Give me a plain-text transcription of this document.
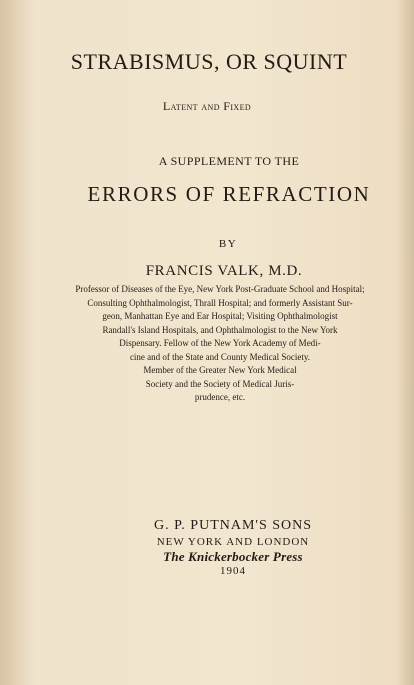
STRABISMUS, OR SQUINT
Latent and Fixed
A SUPPLEMENT TO THE
ERRORS OF REFRACTION
BY
FRANCIS VALK, M.D.
Professor of Diseases of the Eye, New York Post-Graduate School and Hospital;
Consulting Ophthalmologist, Thrall Hospital; and formerly Assistant Sur-
geon, Manhattan Eye and Ear Hospital; Visiting Ophthalmologist
Randall's Island Hospitals, and Ophthalmologist to the New York
Dispensary. Fellow of the New York Academy of Medi-
cine and of the State and County Medical Society.
Member of the Greater New York Medical
Society and the Society of Medical Juris-
prudence, etc.
G. P. PUTNAM'S SONS
NEW YORK AND LONDON
The Knickerbocker Press
1904
